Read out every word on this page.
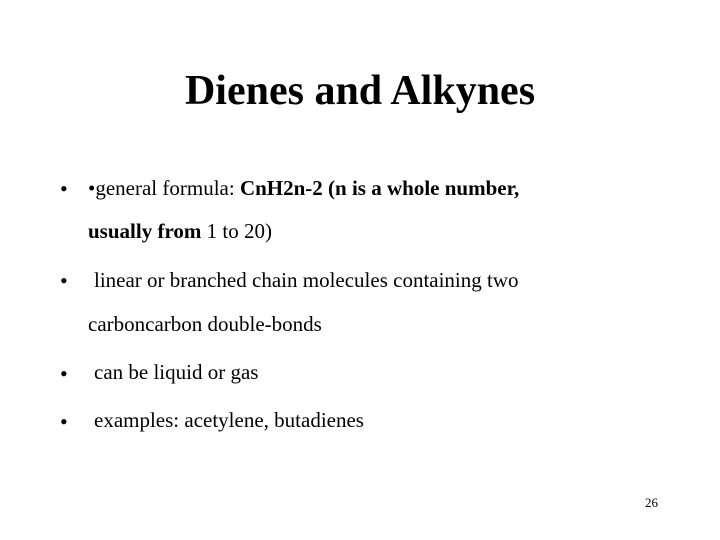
Dienes and Alkynes
• •general formula: CnH2n-2 (n is a whole number,
usually from 1 to 20)
• linear or branched chain molecules containing two
carboncarbon double-bonds
• can be liquid or gas
• examples: acetylene, butadienes
26
